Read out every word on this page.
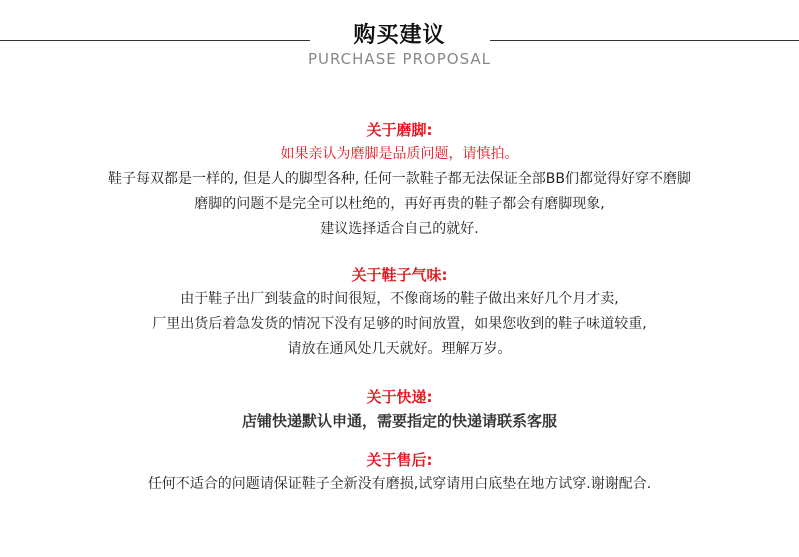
购买建议
PURCHASE PROPOSAL
关于磨脚:
如果亲认为磨脚是品质问题，请慎拍。
鞋子每双都是一样的, 但是人的脚型各种, 任何一款鞋子都无法保证全部BB们都觉得好穿不磨脚
磨脚的问题不是完全可以杜绝的，再好再贵的鞋子都会有磨脚现象,
建议选择适合自己的就好.
关于鞋子气味:
由于鞋子出厂到装盒的时间很短，不像商场的鞋子做出来好几个月才卖,
厂里出货后着急发货的情况下没有足够的时间放置，如果您收到的鞋子味道较重,
请放在通风处几天就好。理解万岁。
关于快递:
店铺快递默认申通，需要指定的快递请联系客服
关于售后:
任何不适合的问题请保证鞋子全新没有磨损,试穿请用白底垫在地方试穿.谢谢配合.
